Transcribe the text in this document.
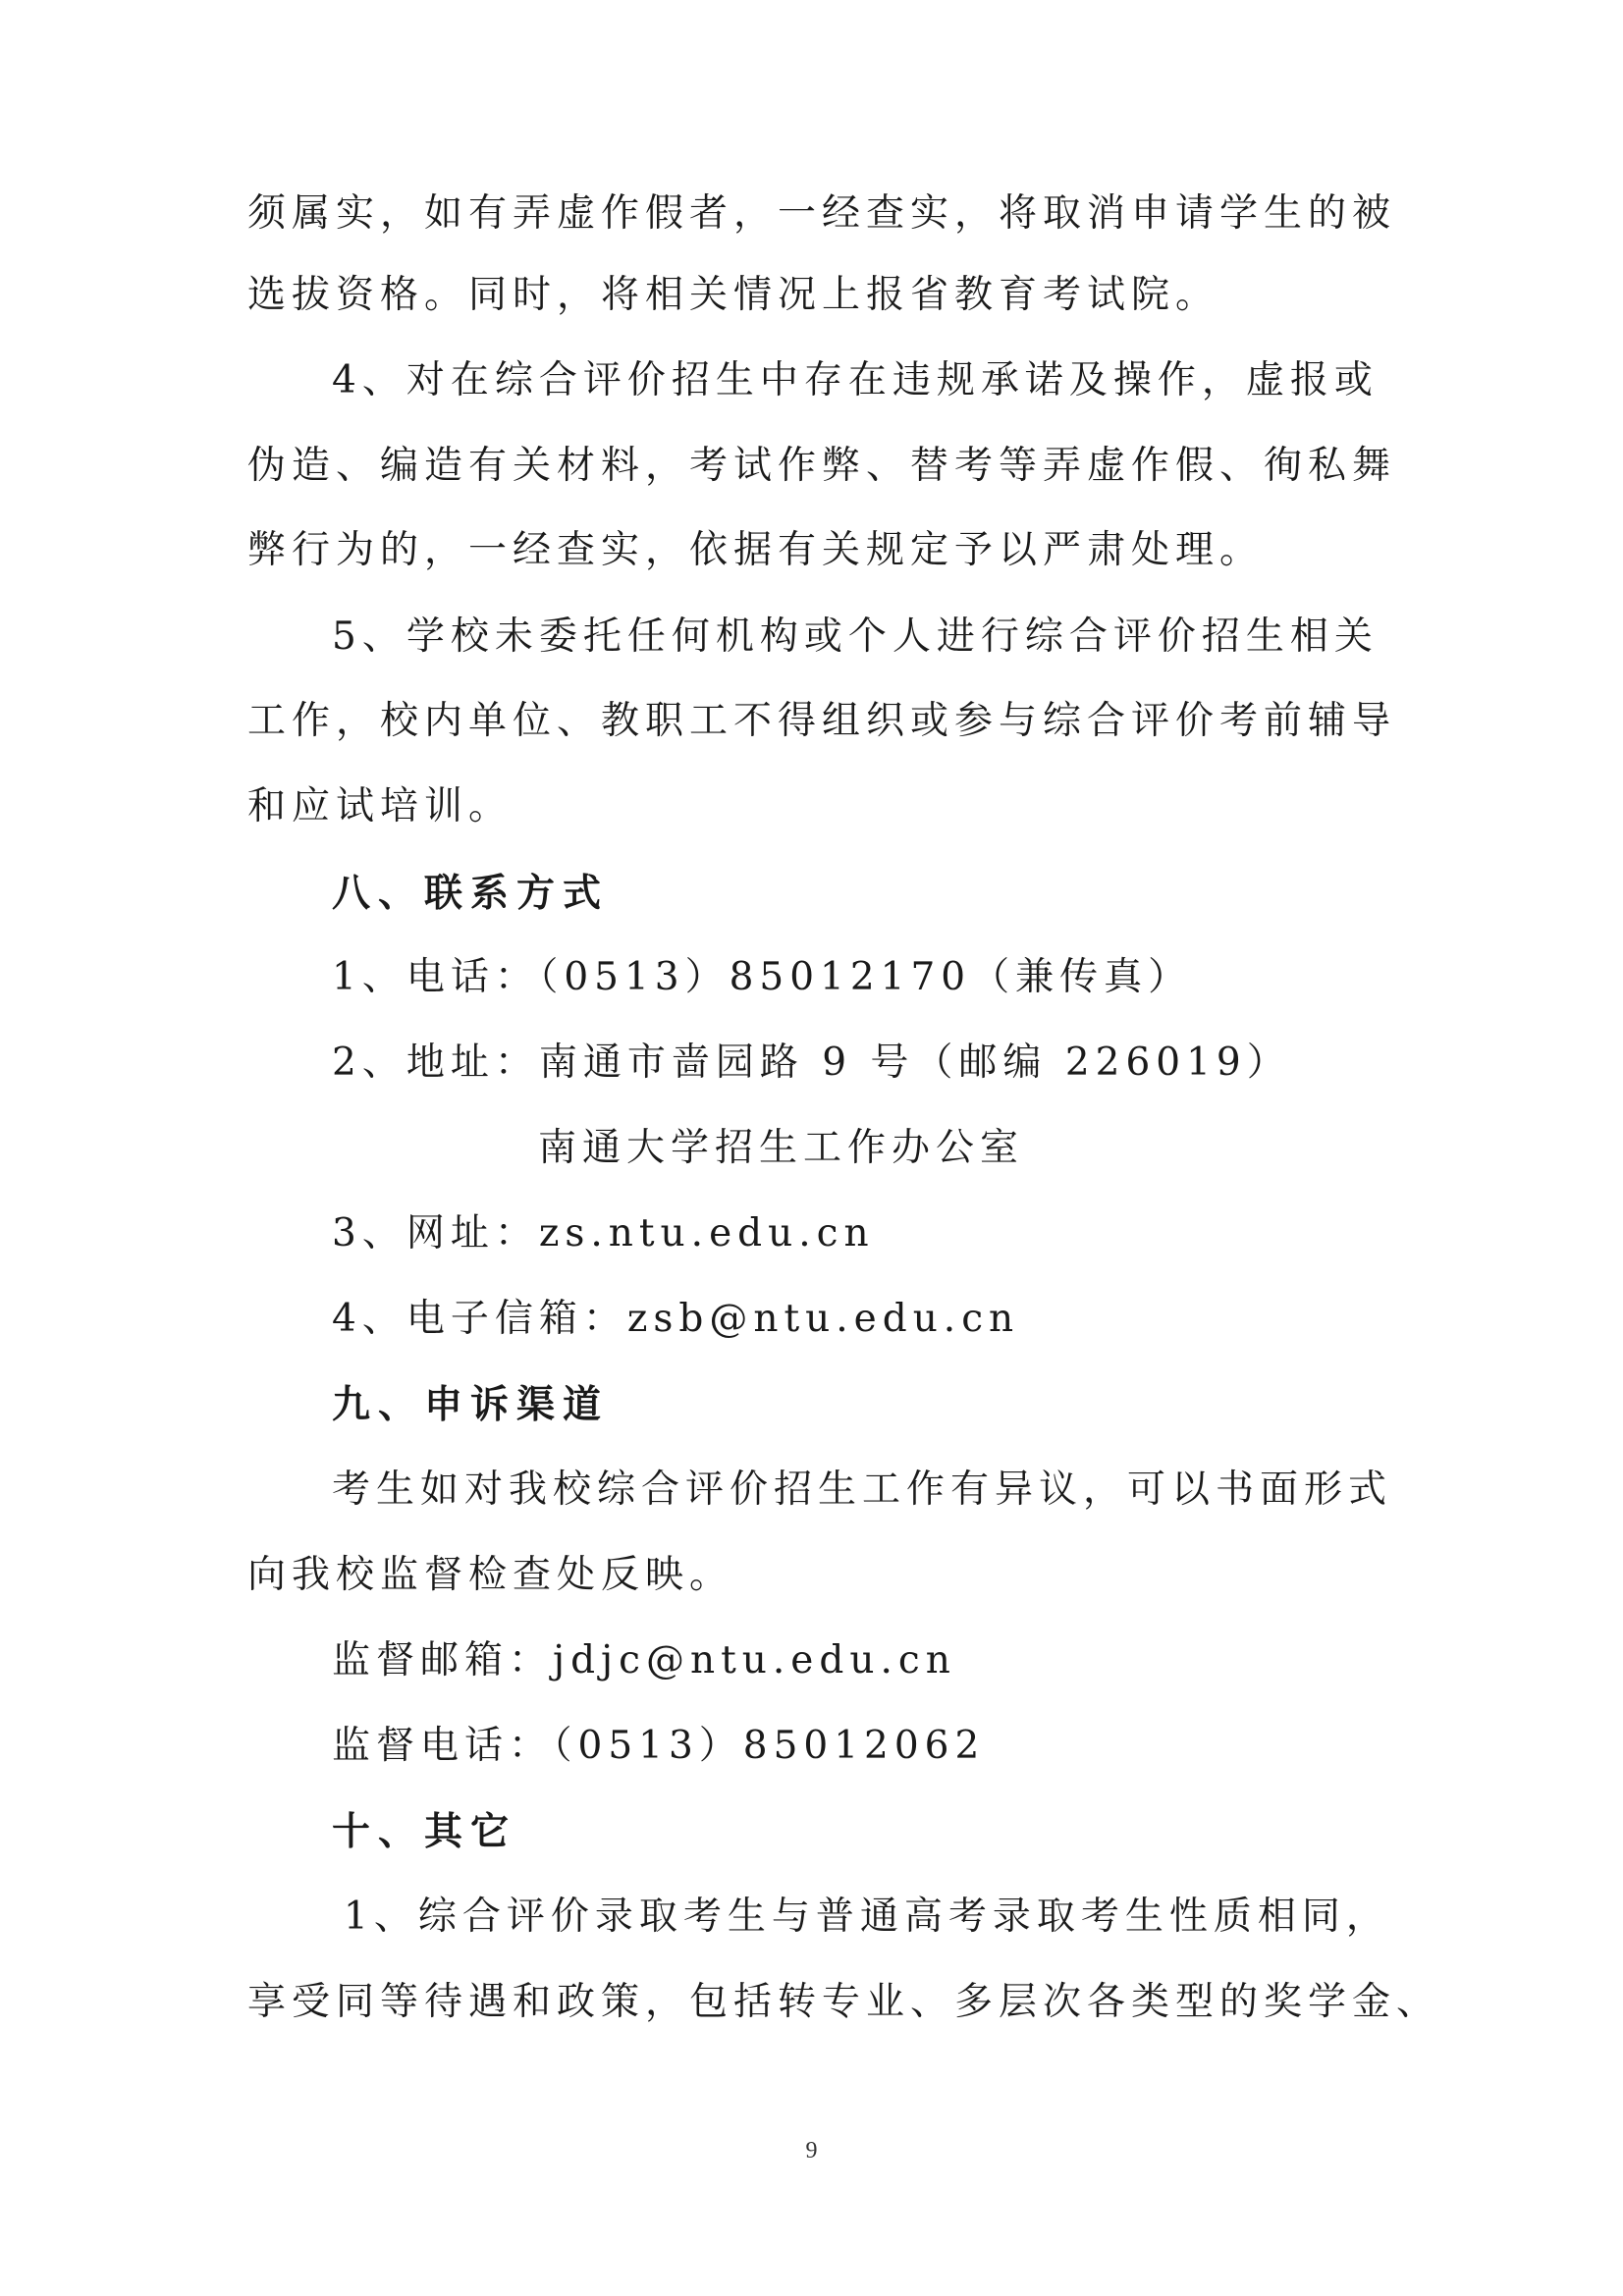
须属实，如有弄虚作假者，一经查实，将取消申请学生的被
选拔资格。同时，将相关情况上报省教育考试院。
4、对在综合评价招生中存在违规承诺及操作，虚报或
伪造、编造有关材料，考试作弊、替考等弄虚作假、徇私舞
弊行为的，一经查实，依据有关规定予以严肃处理。
5、学校未委托任何机构或个人进行综合评价招生相关
工作，校内单位、教职工不得组织或参与综合评价考前辅导
和应试培训。
八、联系方式
1、电话：（0513）85012170（兼传真）
2、地址：南通市啬园路 9 号（邮编 226019）
南通大学招生工作办公室
3、网址：zs.ntu.edu.cn
4、电子信箱：zsb@ntu.edu.cn
九、申诉渠道
考生如对我校综合评价招生工作有异议，可以书面形式
向我校监督检查处反映。
监督邮箱：jdjc@ntu.edu.cn
监督电话：（0513）85012062
十、其它
1、综合评价录取考生与普通高考录取考生性质相同，
享受同等待遇和政策，包括转专业、多层次各类型的奖学金、
9
